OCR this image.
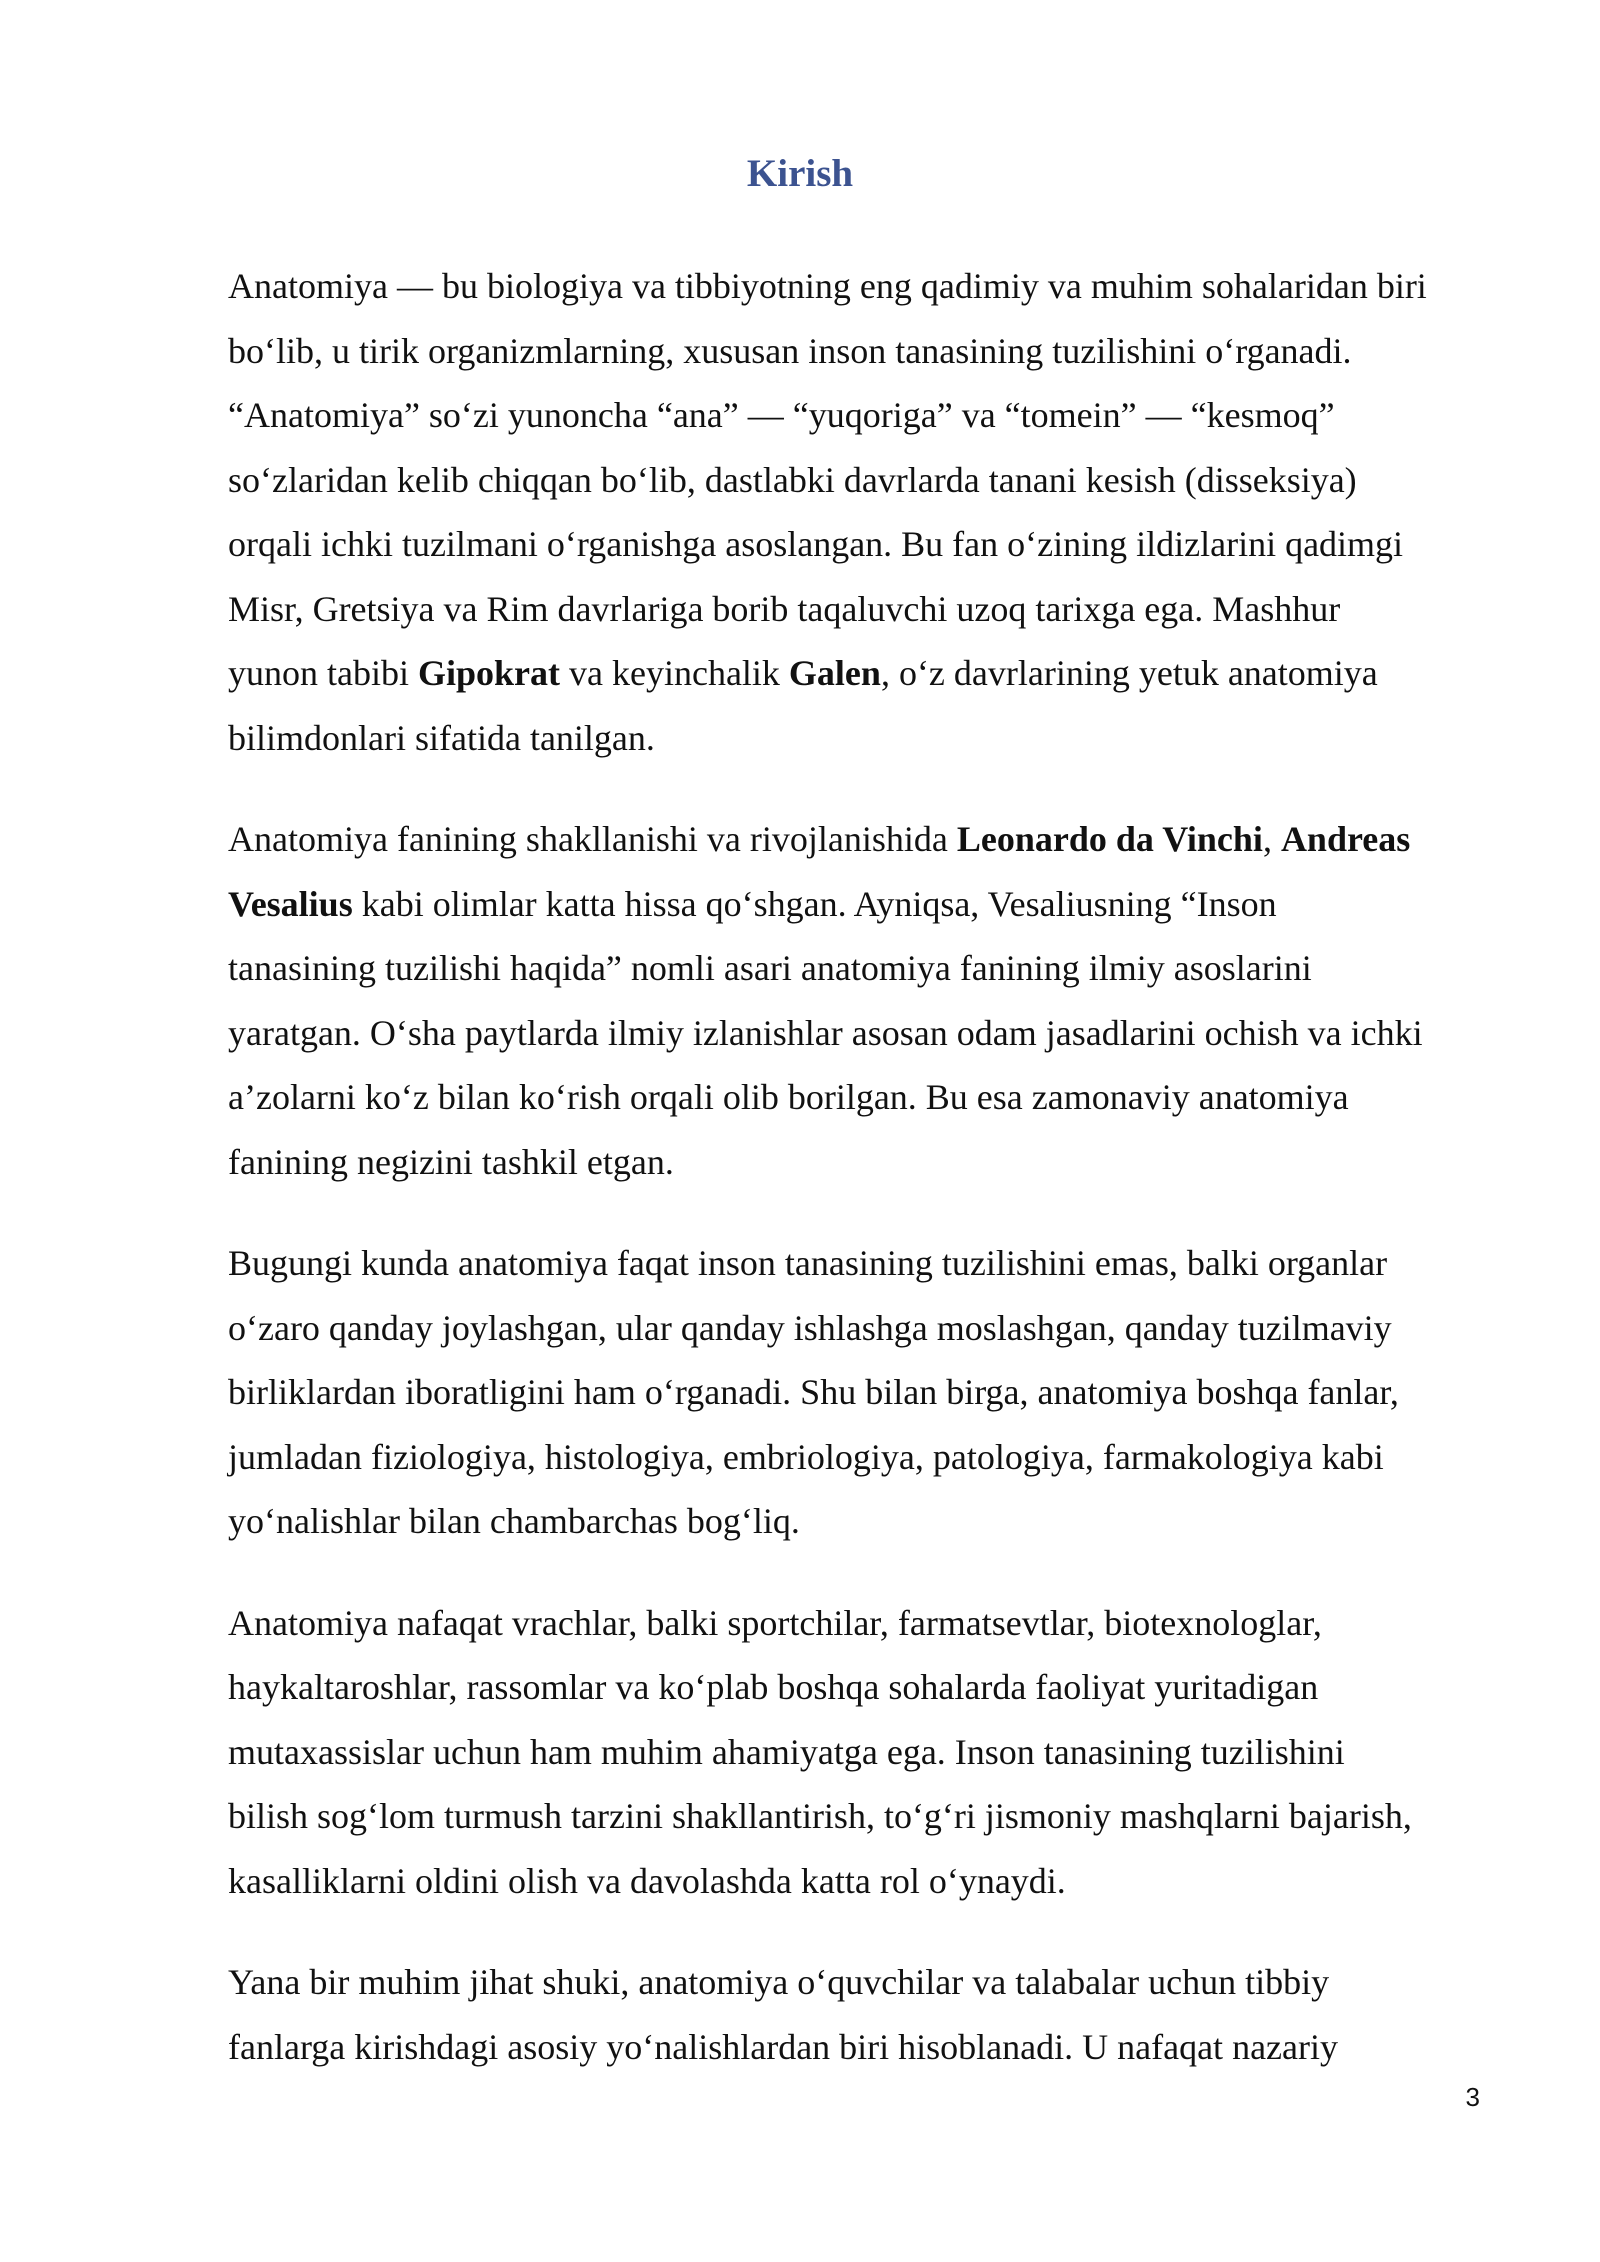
Kirish

Anatomiya — bu biologiya va tibbiyotning eng qadimiy va muhim sohalaridan biri
bo‘lib, u tirik organizmlarning, xususan inson tanasining tuzilishini o‘rganadi.
“Anatomiya” so‘zi yunoncha “ana” — “yuqoriga” va “tomein” — “kesmoq”
so‘zlaridan kelib chiqqan bo‘lib, dastlabki davrlarda tanani kesish (disseksiya)
orqali ichki tuzilmani o‘rganishga asoslangan. Bu fan o‘zining ildizlarini qadimgi
Misr, Gretsiya va Rim davrlariga borib taqaluvchi uzoq tarixga ega. Mashhur
yunon tabibi Gipokrat va keyinchalik Galen, o‘z davrlarining yetuk anatomiya
bilimdonlari sifatida tanilgan.

Anatomiya fanining shakllanishi va rivojlanishida Leonardo da Vinchi, Andreas
Vesalius kabi olimlar katta hissa qo‘shgan. Ayniqsa, Vesaliusning “Inson
tanasining tuzilishi haqida” nomli asari anatomiya fanining ilmiy asoslarini
yaratgan. O‘sha paytlarda ilmiy izlanishlar asosan odam jasadlarini ochish va ichki
a’zolarni ko‘z bilan ko‘rish orqali olib borilgan. Bu esa zamonaviy anatomiya
fanining negizini tashkil etgan.

Bugungi kunda anatomiya faqat inson tanasining tuzilishini emas, balki organlar
o‘zaro qanday joylashgan, ular qanday ishlashga moslashgan, qanday tuzilmaviy
birliklardan iboratligini ham o‘rganadi. Shu bilan birga, anatomiya boshqa fanlar,
jumladan fiziologiya, histologiya, embriologiya, patologiya, farmakologiya kabi
yo‘nalishlar bilan chambarchas bog‘liq.

Anatomiya nafaqat vrachlar, balki sportchilar, farmatsevtlar, biotexnologlar,
haykaltaroshlar, rassomlar va ko‘plab boshqa sohalarda faoliyat yuritadigan
mutaxassislar uchun ham muhim ahamiyatga ega. Inson tanasining tuzilishini
bilish sog‘lom turmush tarzini shakllantirish, to‘g‘ri jismoniy mashqlarni bajarish,
kasalliklarni oldini olish va davolashda katta rol o‘ynaydi.

Yana bir muhim jihat shuki, anatomiya o‘quvchilar va talabalar uchun tibbiy
fanlarga kirishdagi asosiy yo‘nalishlardan biri hisoblanadi. U nafaqat nazariy

3
